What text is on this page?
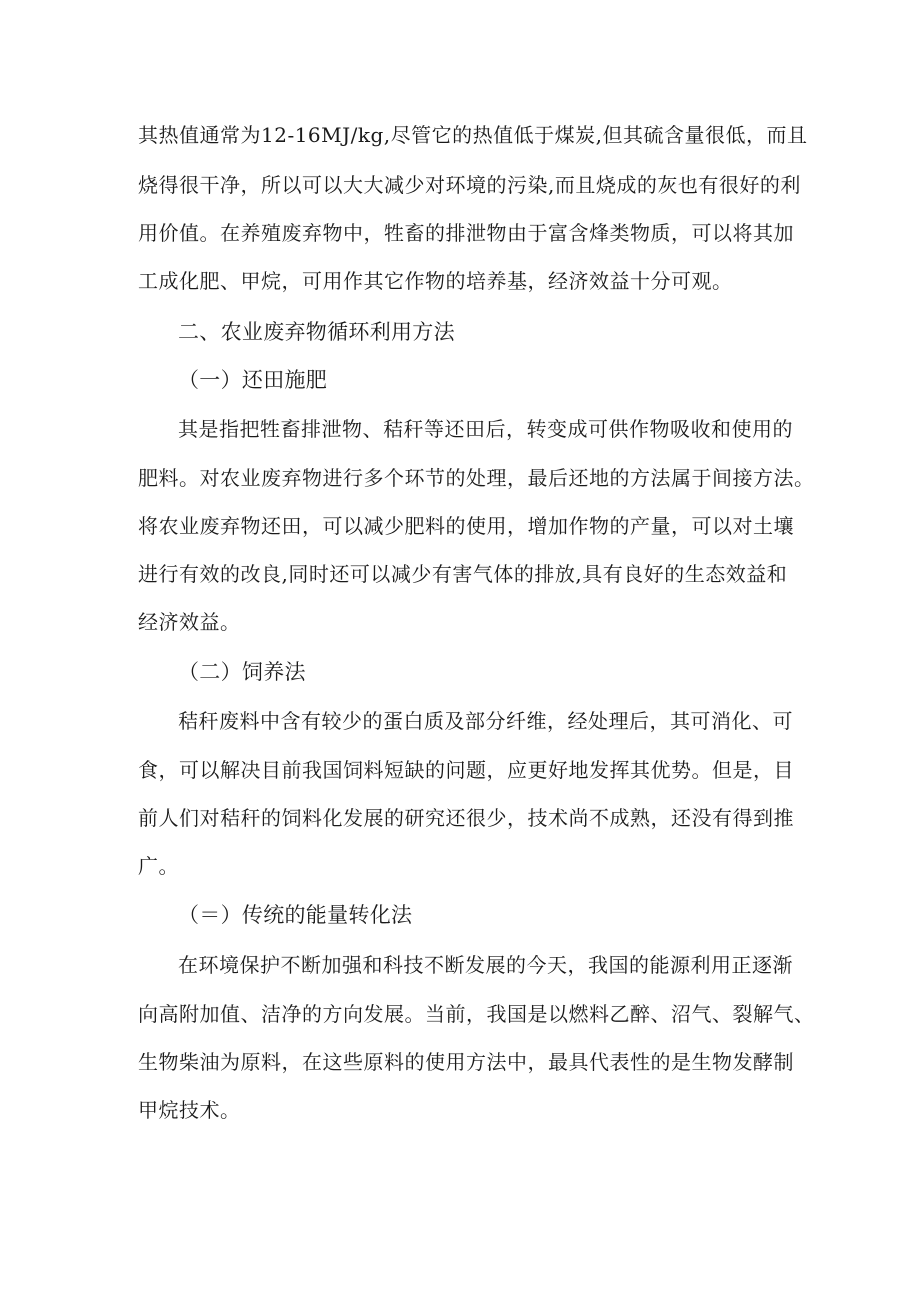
其热值通常为12-16MJ/kg,尽管它的热值低于煤炭,但其硫含量很低，而且
烧得很干净，所以可以大大减少对环境的污染,而且烧成的灰也有很好的利
用价值。在养殖废弃物中，牲畜的排泄物由于富含烽类物质，可以将其加
工成化肥、甲烷，可用作其它作物的培养基，经济效益十分可观。
二、农业废弃物循环利用方法
（一）还田施肥
其是指把牲畜排泄物、秸秆等还田后，转变成可供作物吸收和使用的
肥料。对农业废弃物进行多个环节的处理，最后还地的方法属于间接方法。
将农业废弃物还田，可以减少肥料的使用，增加作物的产量，可以对土壤
进行有效的改良,同时还可以减少有害气体的排放,具有良好的生态效益和
经济效益。
（二）饲养法
秸秆废料中含有较少的蛋白质及部分纤维，经处理后，其可消化、可
食，可以解决目前我国饲料短缺的问题，应更好地发挥其优势。但是，目
前人们对秸秆的饲料化发展的研究还很少，技术尚不成熟，还没有得到推
广。
（＝）传统的能量转化法
在环境保护不断加强和科技不断发展的今天，我国的能源利用正逐渐
向高附加值、洁净的方向发展。当前，我国是以燃料乙醉、沼气、裂解气、
生物柴油为原料，在这些原料的使用方法中，最具代表性的是生物发酵制
甲烷技术。
